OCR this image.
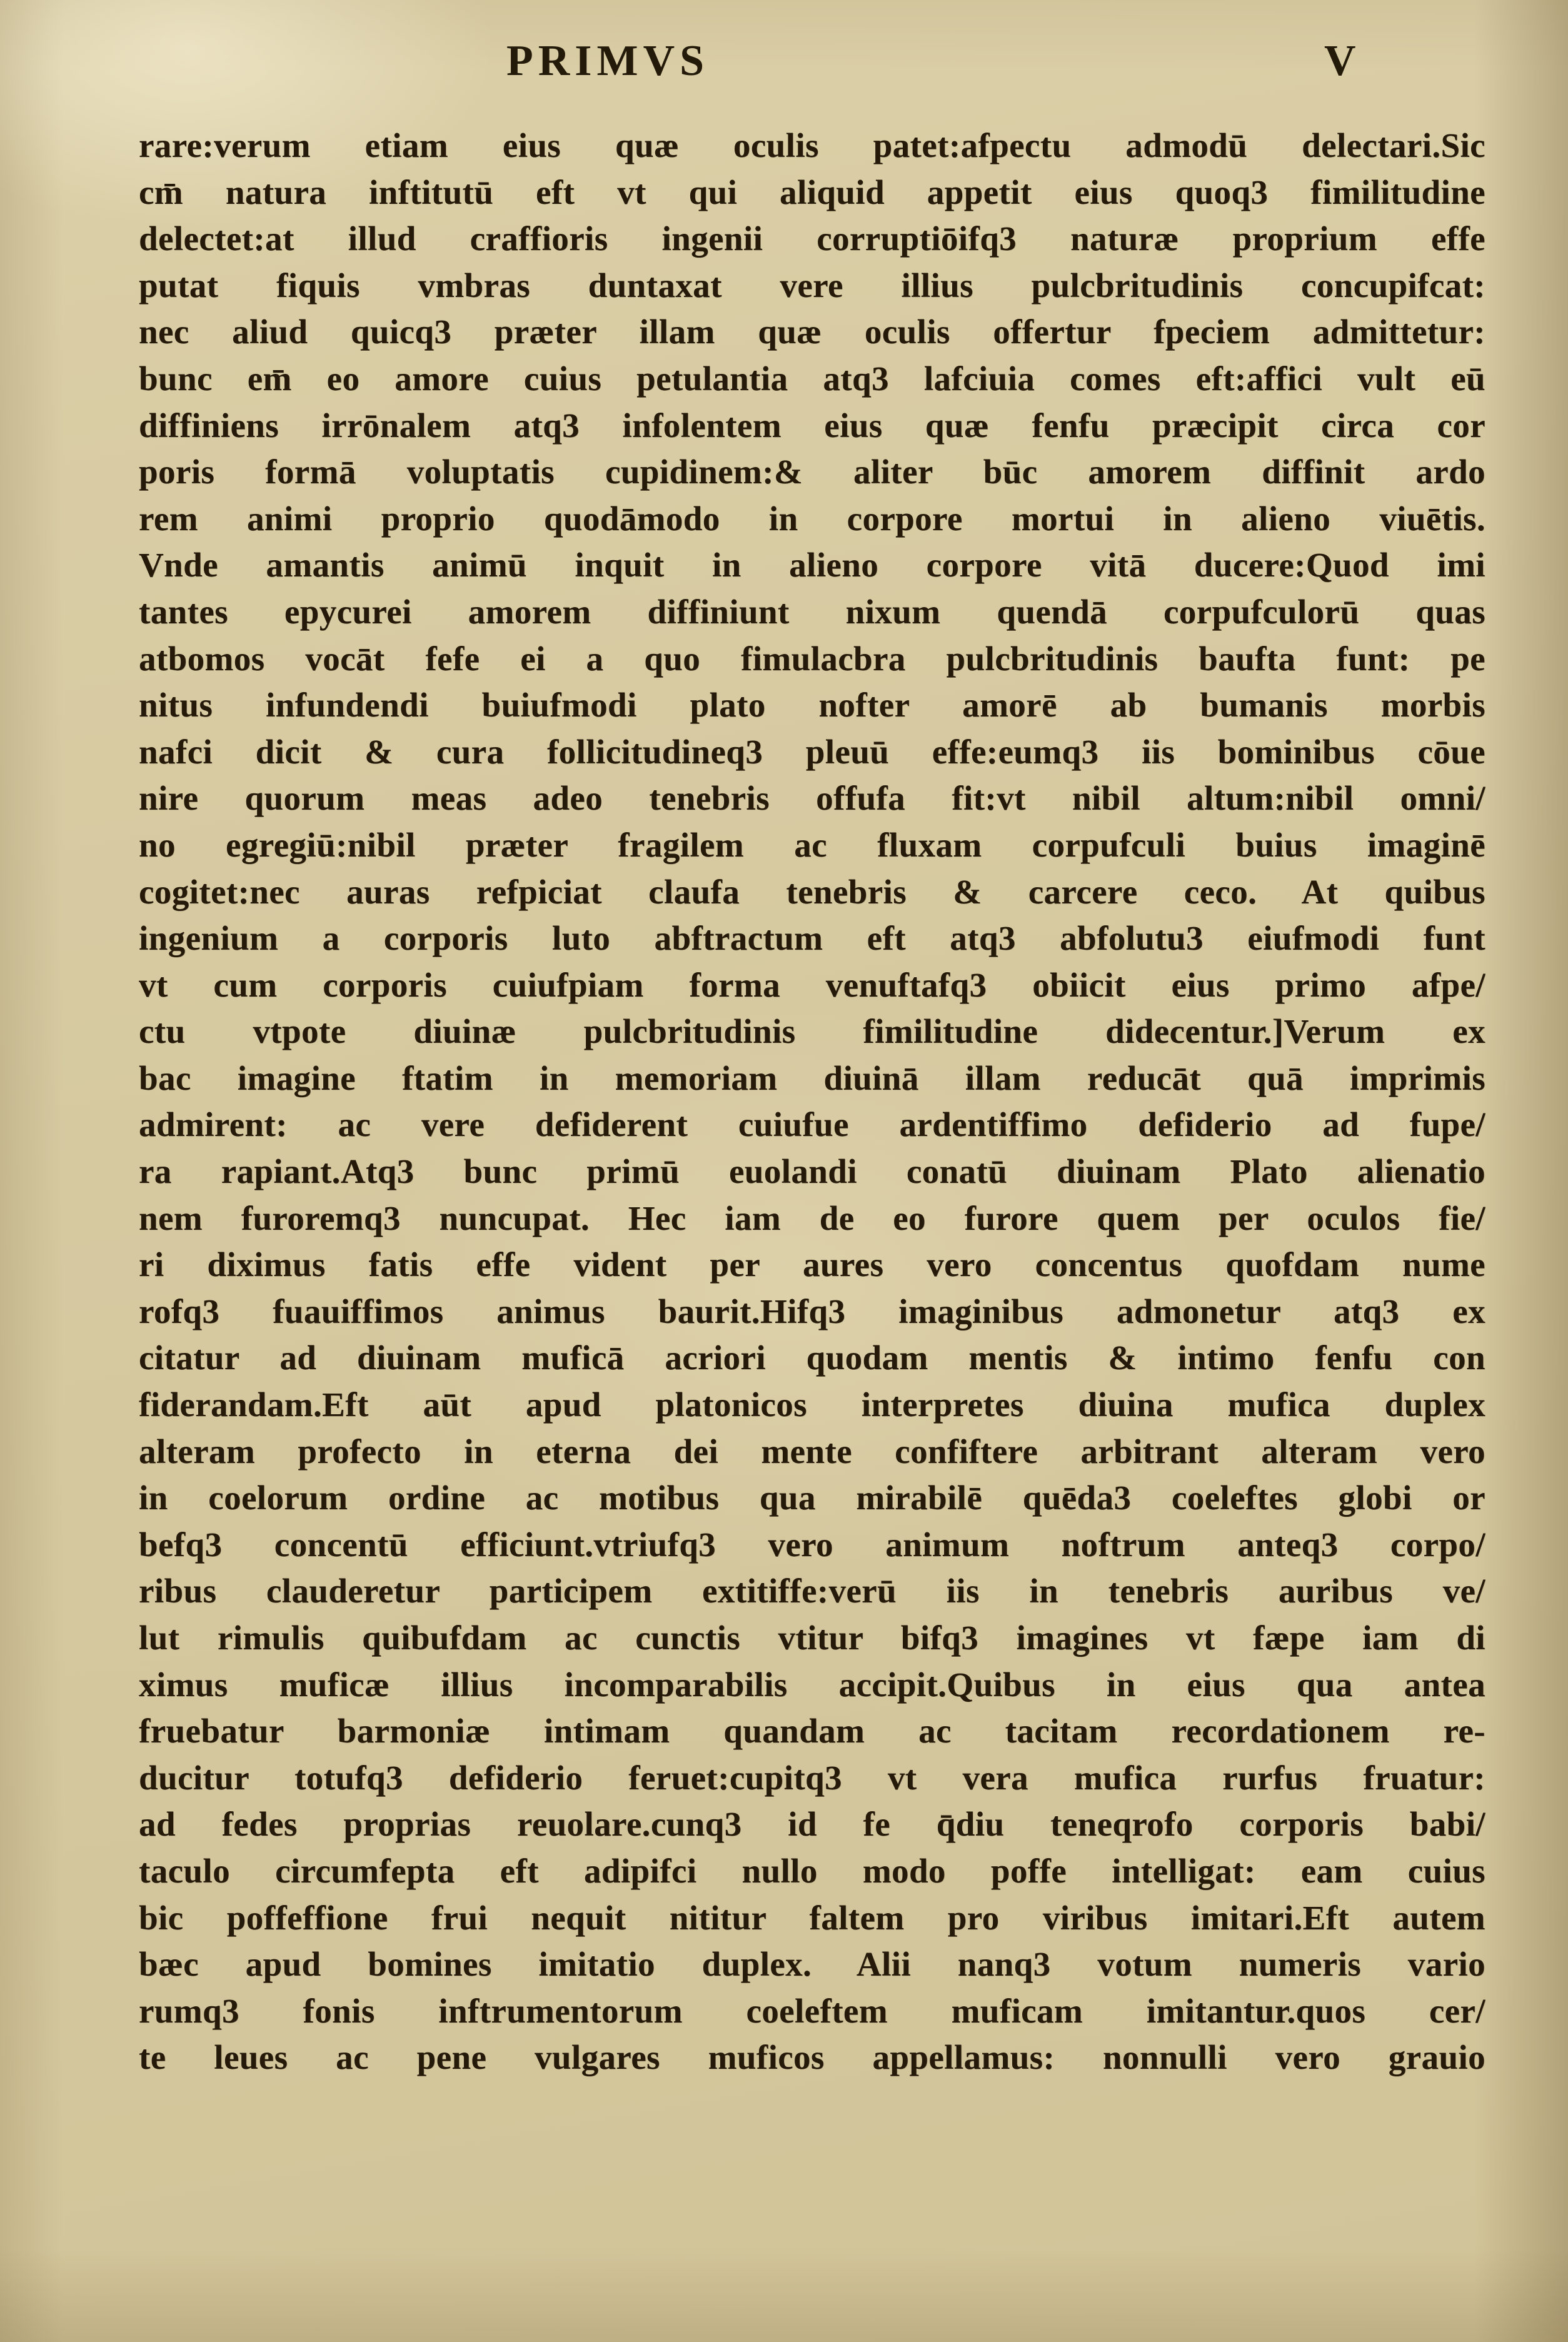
PRIMVS	V
rare:verum etiam eius quæ oculis patet:afpectu admodū delectari.Sic
cm̄ natura inftitutū eft vt qui aliquid appetit eius quoq3 fimilitudine
delectet:at illud craffioris ingenii corruptiōifq3 naturæ proprium effe
putat fiquis vmbras duntaxat vere illius pulcbritudinis concupifcat:
nec aliud quicq3 præter illam quæ oculis offertur fpeciem admittetur:
bunc em̄ eo amore cuius petulantia atq3 lafciuia comes eft:affici vult eū
diffiniens irrōnalem atq3 infolentem eius quæ fenfu præcipit circa cor
poris formā voluptatis cupidinem:& aliter būc amorem diffinit ardo
rem animi proprio quodāmodo in corpore mortui in alieno viuētis.
Vnde amantis animū inquit in alieno corpore vitā ducere:Quod imi
tantes epycurei amorem diffiniunt nixum quendā corpufculorū quas
atbomos vocāt fefe ei a quo fimulacbra pulcbritudinis baufta funt: pe
nitus infundendi buiufmodi plato nofter amorē ab bumanis morbis
nafci dicit & cura follicitudineq3 pleuū effe:eumq3 iis bominibus cōue
nire quorum meas adeo tenebris offufa fit:vt nibil altum:nibil omni/
no egregiū:nibil præter fragilem ac fluxam corpufculi buius imaginē
cogitet:nec auras refpiciat claufa tenebris & carcere ceco. At quibus
ingenium a corporis luto abftractum eft atq3 abfolutu3 eiufmodi funt
vt cum corporis cuiufpiam forma venuftafq3 obiicit eius primo afpe/
ctu vtpote diuinæ pulcbritudinis fimilitudine didecentur.]Verum ex
bac imagine ftatim in memoriam diuinā illam reducāt quā imprimis
admirent: ac vere defiderent cuiufue ardentiffimo defiderio ad fupe/
ra rapiant.Atq3 bunc primū euolandi conatū diuinam Plato alienatio
nem furoremq3 nuncupat. Hec iam de eo furore quem per oculos fie/
ri diximus fatis effe vident per aures vero concentus quofdam nume
rofq3 fuauiffimos animus baurit.Hifq3 imaginibus admonetur atq3 ex
citatur ad diuinam muficā acriori quodam mentis & intimo fenfu con
fiderandam.Eft aūt apud platonicos interpretes diuina mufica duplex
alteram profecto in eterna dei mente confiftere arbitrant alteram vero
in coelorum ordine ac motibus qua mirabilē quēda3 coeleftes globi or
befq3 concentū efficiunt.vtriufq3 vero animum noftrum anteq3 corpo/
ribus clauderetur participem extitiffe:verū iis in tenebris auribus ve/
lut rimulis quibufdam ac cunctis vtitur bifq3 imagines vt fæpe iam di
ximus muficæ illius incomparabilis accipit.Quibus in eius qua antea
fruebatur barmoniæ intimam quandam ac tacitam recordationem re-
ducitur totufq3 defiderio feruet:cupitq3 vt vera mufica rurfus fruatur:
ad fedes proprias reuolare.cunq3 id fe q̄diu teneqrofo corporis babi/
taculo circumfepta eft adipifci nullo modo poffe intelligat: eam cuius
bic poffeffione frui nequit nititur faltem pro viribus imitari.Eft autem
bæc apud bomines imitatio duplex. Alii nanq3 votum numeris vario
rumq3 fonis inftrumentorum coeleftem muficam imitantur.quos cer/
te leues ac pene vulgares muficos appellamus: nonnulli vero grauio
